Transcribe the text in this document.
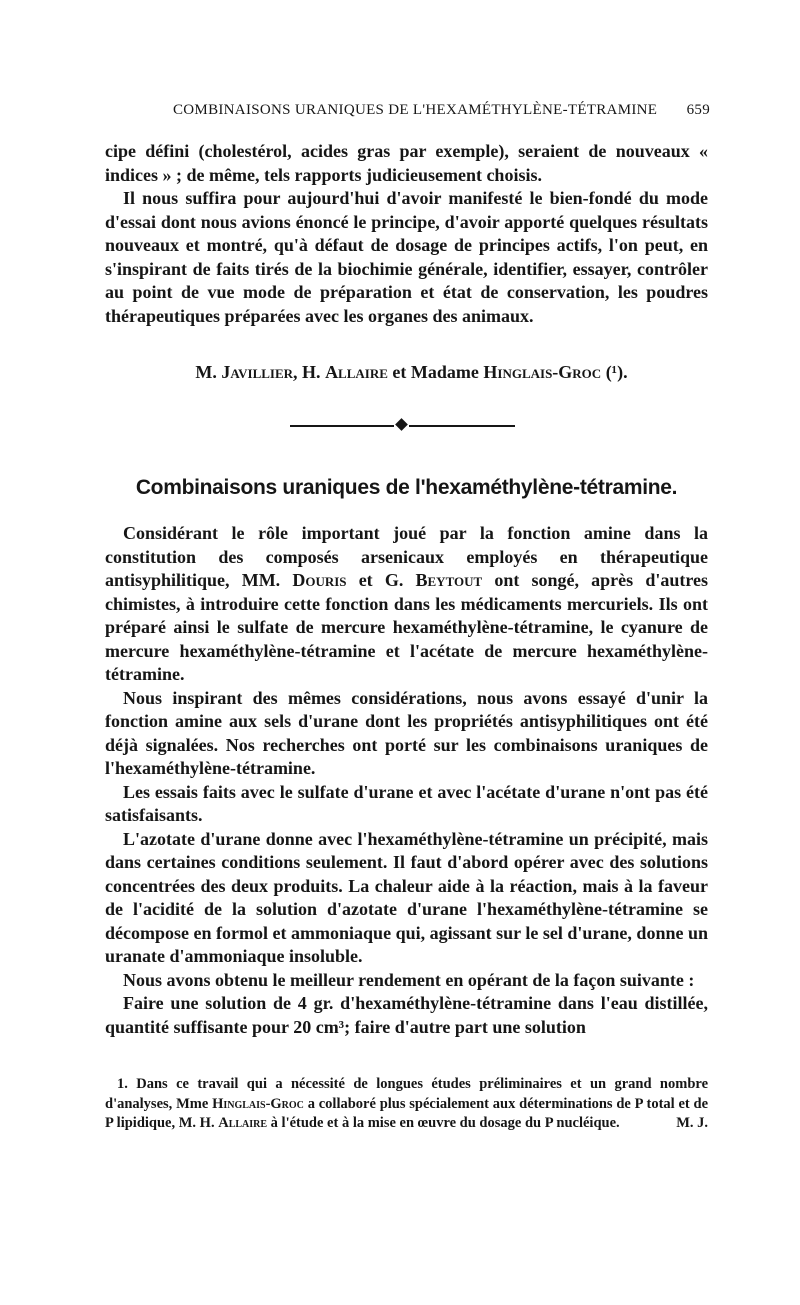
COMBINAISONS URANIQUES DE L'HEXAMÉTHYLÈNE-TÉTRAMINE 659

cipe défini (cholestérol, acides gras par exemple), seraient de nouveaux « indices » ; de même, tels rapports judicieusement choisis.

Il nous suffira pour aujourd'hui d'avoir manifesté le bien-fondé du mode d'essai dont nous avions énoncé le principe, d'avoir apporté quelques résultats nouveaux et montré, qu'à défaut de dosage de principes actifs, l'on peut, en s'inspirant de faits tirés de la biochimie générale, identifier, essayer, contrôler au point de vue mode de préparation et état de conservation, les poudres thérapeutiques préparées avec les organes des animaux.

M. Javillier, H. Allaire et Madame Hinglais-Groc (¹).
Combinaisons uraniques de l'hexaméthylène-tétramine.

Considérant le rôle important joué par la fonction amine dans la constitution des composés arsenicaux employés en thérapeutique antisyphilitique, MM. Douris et G. Beytout ont songé, après d'autres chimistes, à introduire cette fonction dans les médicaments mercuriels. Ils ont préparé ainsi le sulfate de mercure hexaméthylène-tétramine, le cyanure de mercure hexaméthylène-tétramine et l'acétate de mercure hexaméthylène-tétramine.

Nous inspirant des mêmes considérations, nous avons essayé d'unir la fonction amine aux sels d'urane dont les propriétés antisyphilitiques ont été déjà signalées. Nos recherches ont porté sur les combinaisons uraniques de l'hexaméthylène-tétramine.

Les essais faits avec le sulfate d'urane et avec l'acétate d'urane n'ont pas été satisfaisants.

L'azotate d'urane donne avec l'hexaméthylène-tétramine un précipité, mais dans certaines conditions seulement. Il faut d'abord opérer avec des solutions concentrées des deux produits. La chaleur aide à la réaction, mais à la faveur de l'acidité de la solution d'azotate d'urane l'hexaméthylène-tétramine se décompose en formol et ammoniaque qui, agissant sur le sel d'urane, donne un uranate d'ammoniaque insoluble.

Nous avons obtenu le meilleur rendement en opérant de la façon suivante :

Faire une solution de 4 gr. d'hexaméthylène-tétramine dans l'eau distillée, quantité suffisante pour 20 cm³; faire d'autre part une solution

1. Dans ce travail qui a nécessité de longues études préliminaires et un grand nombre d'analyses, Mme Hinglais-Groc a collaboré plus spécialement aux déterminations de P total et de P lipidique, M. H. Allaire à l'étude et à la mise en œuvre du dosage du P nucléique.	M. J.
